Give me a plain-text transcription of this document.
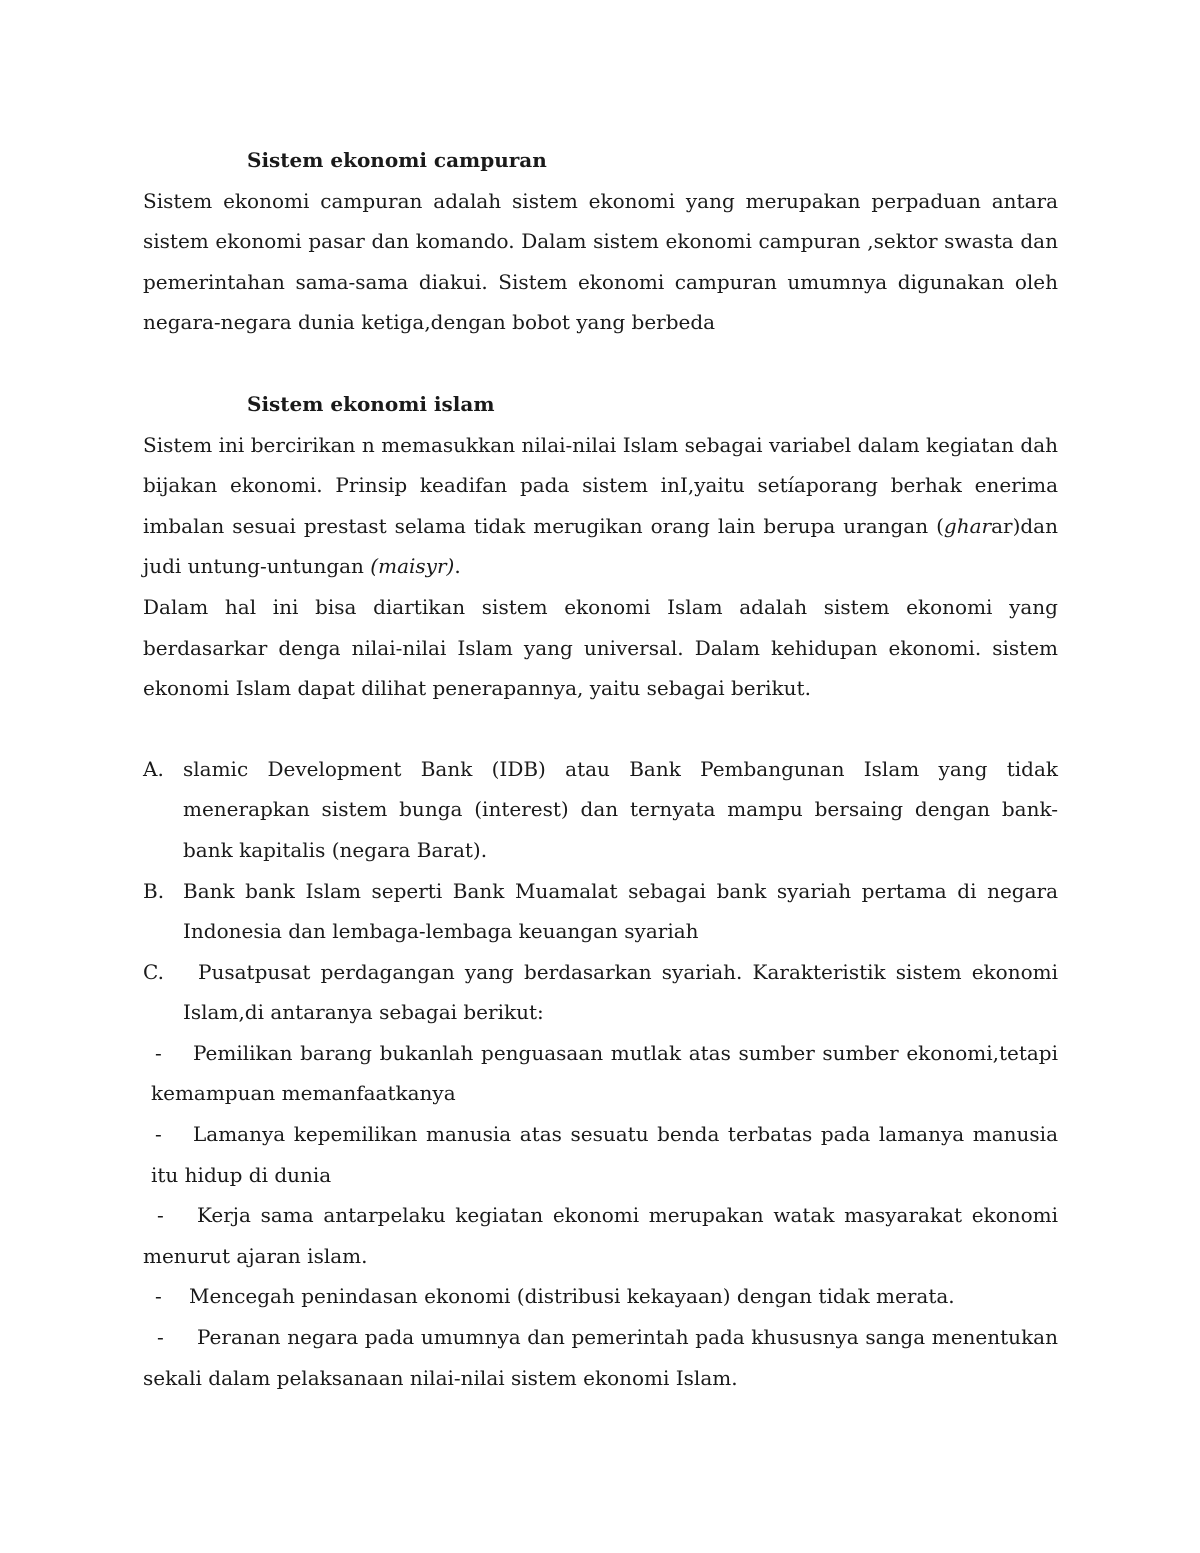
Sistem ekonomi campuran

Sistem ekonomi campuran adalah sistem ekonomi yang merupakan perpaduan antara sistem ekonomi pasar dan komando. Dalam sistem ekonomi campuran ,sektor swasta dan pemerintahan sama-sama diakui. Sistem ekonomi campuran umumnya digunakan oleh negara-negara dunia ketiga,dengan bobot yang berbeda

Sistem ekonomi islam

Sistem ini bercirikan n memasukkan nilai-nilai Islam sebagai variabel dalam kegiatan dah bijakan ekonomi. Prinsip keadifan pada sistem inI,yaitu setíaporang berhak enerima imbalan sesuai prestast selama tidak merugikan orang lain berupa urangan (gharar)dan judi untung-untungan (maisyr).

Dalam hal ini bisa diartikan sistem ekonomi Islam adalah sistem ekonomi yang berdasarkar denga nilai-nilai Islam yang universal. Dalam kehidupan ekonomi. sistem ekonomi Islam dapat dilihat penerapannya, yaitu sebagai berikut.

A. slamic Development Bank (IDB) atau Bank Pembangunan Islam yang tidak menerapkan sistem bunga (interest) dan ternyata mampu bersaing dengan bank-bank kapitalis (negara Barat).
B. Bank bank Islam seperti Bank Muamalat sebagai bank syariah pertama di negara Indonesia dan lembaga-lembaga keuangan syariah
C. Pusatpusat perdagangan yang berdasarkan syariah. Karakteristik sistem ekonomi Islam,di antaranya sebagai berikut:
- Pemilikan barang bukanlah penguasaan mutlak atas sumber sumber ekonomi,tetapi kemampuan memanfaatkanya
- Lamanya kepemilikan manusia atas sesuatu benda terbatas pada lamanya manusia itu hidup di dunia
- Kerja sama antarpelaku kegiatan ekonomi merupakan watak masyarakat ekonomi menurut ajaran islam.
- Mencegah penindasan ekonomi (distribusi kekayaan) dengan tidak merata.
- Peranan negara pada umumnya dan pemerintah pada khususnya sanga menentukan sekali dalam pelaksanaan nilai-nilai sistem ekonomi Islam.
